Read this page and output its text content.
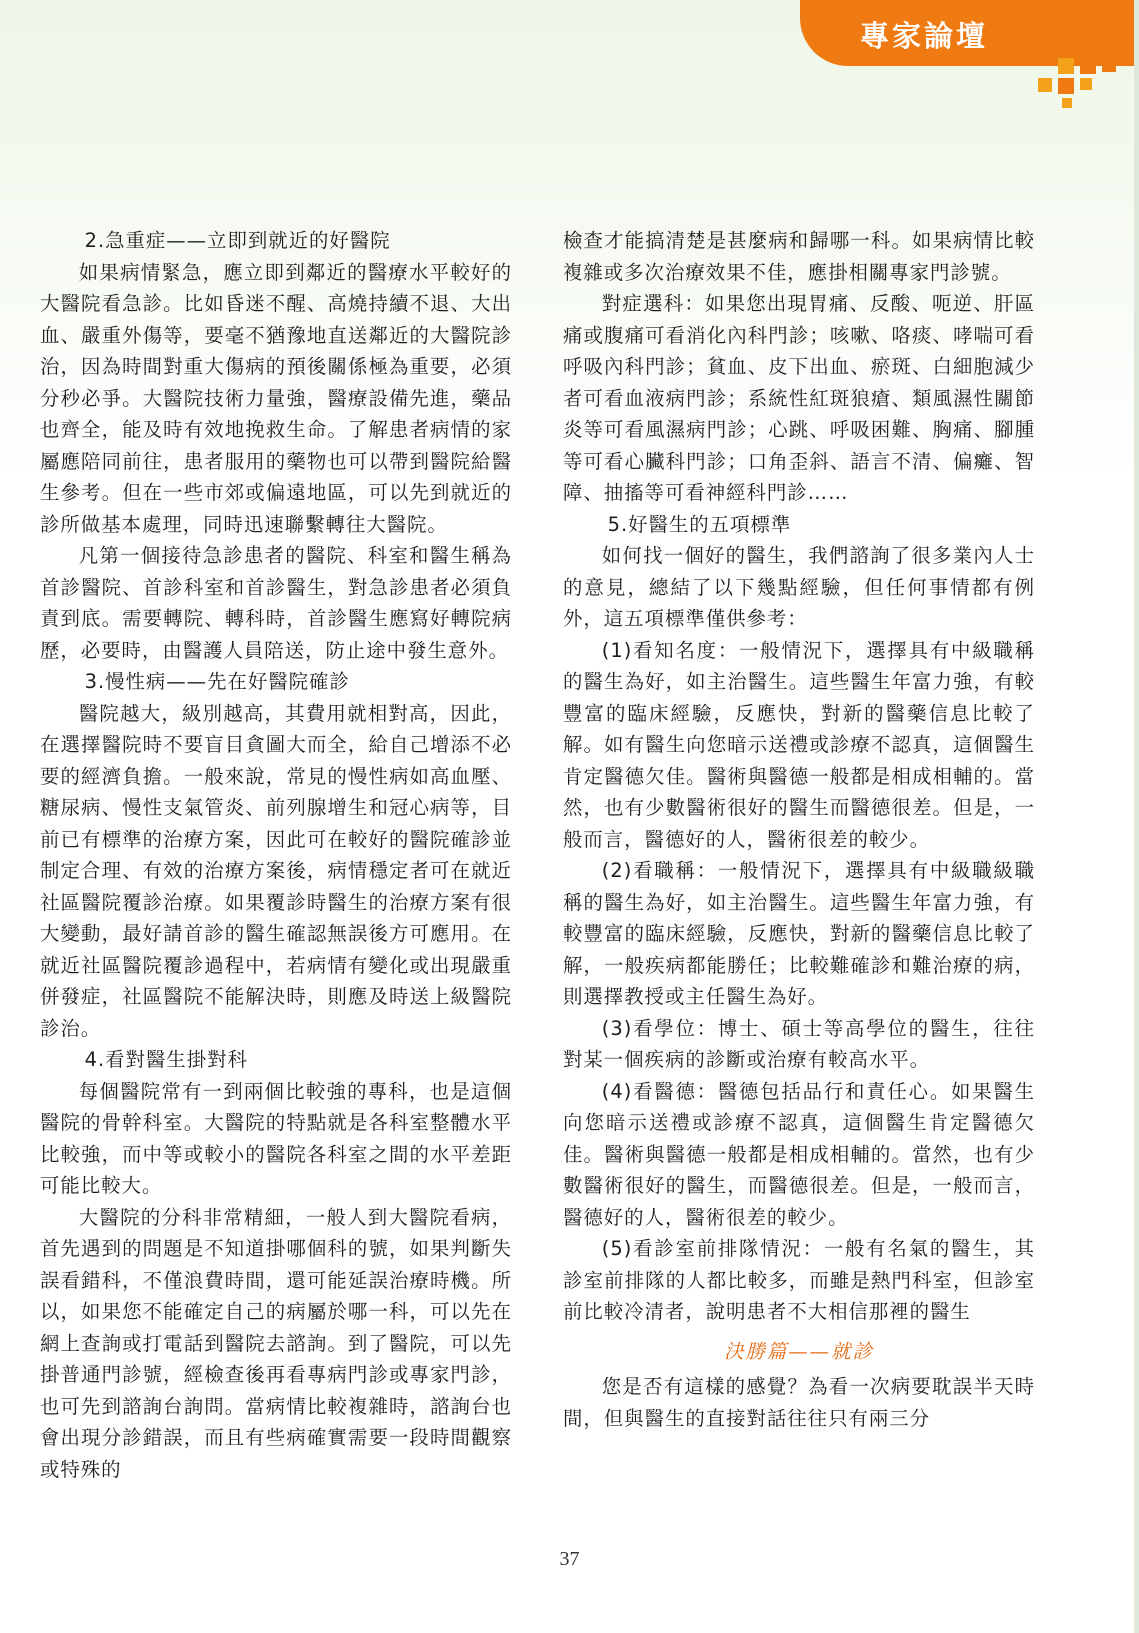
專家論壇

2.急重症——立即到就近的好醫院

如果病情緊急，應立即到鄰近的醫療水平較好的大醫院看急診。比如昏迷不醒、高燒持續不退、大出血、嚴重外傷等，要毫不猶豫地直送鄰近的大醫院診治，因為時間對重大傷病的預後關係極為重要，必須分秒必爭。大醫院技術力量強，醫療設備先進，藥品也齊全，能及時有效地挽救生命。了解患者病情的家屬應陪同前往，患者服用的藥物也可以帶到醫院給醫生參考。但在一些市郊或偏遠地區，可以先到就近的診所做基本處理，同時迅速聯繫轉往大醫院。

凡第一個接待急診患者的醫院、科室和醫生稱為首診醫院、首診科室和首診醫生，對急診患者必須負責到底。需要轉院、轉科時，首診醫生應寫好轉院病歷，必要時，由醫護人員陪送，防止途中發生意外。

3.慢性病——先在好醫院確診

醫院越大，級別越高，其費用就相對高，因此，在選擇醫院時不要盲目貪圖大而全，給自己增添不必要的經濟負擔。一般來說，常見的慢性病如高血壓、糖尿病、慢性支氣管炎、前列腺增生和冠心病等，目前已有標準的治療方案，因此可在較好的醫院確診並制定合理、有效的治療方案後，病情穩定者可在就近社區醫院覆診治療。如果覆診時醫生的治療方案有很大變動，最好請首診的醫生確認無誤後方可應用。在就近社區醫院覆診過程中，若病情有變化或出現嚴重併發症，社區醫院不能解決時，則應及時送上級醫院診治。

4.看對醫生掛對科

每個醫院常有一到兩個比較強的專科，也是這個醫院的骨幹科室。大醫院的特點就是各科室整體水平比較強，而中等或較小的醫院各科室之間的水平差距可能比較大。

大醫院的分科非常精細，一般人到大醫院看病，首先遇到的問題是不知道掛哪個科的號，如果判斷失誤看錯科，不僅浪費時間，還可能延誤治療時機。所以，如果您不能確定自己的病屬於哪一科，可以先在網上查詢或打電話到醫院去諮詢。到了醫院，可以先掛普通門診號，經檢查後再看專病門診或專家門診，也可先到諮詢台詢問。當病情比較複雜時，諮詢台也會出現分診錯誤，而且有些病確實需要一段時間觀察或特殊的

檢查才能搞清楚是甚麼病和歸哪一科。如果病情比較複雜或多次治療效果不佳，應掛相關專家門診號。

對症選科：如果您出現胃痛、反酸、呃逆、肝區痛或腹痛可看消化內科門診；咳嗽、咯痰、哮喘可看呼吸內科門診；貧血、皮下出血、瘀斑、白細胞減少者可看血液病門診；系統性紅斑狼瘡、類風濕性關節炎等可看風濕病門診；心跳、呼吸困難、胸痛、腳腫等可看心臟科門診；口角歪斜、語言不清、偏癱、智障、抽搐等可看神經科門診……

5.好醫生的五項標準

如何找一個好的醫生，我們諮詢了很多業內人士的意見，總結了以下幾點經驗，但任何事情都有例外，這五項標準僅供參考：

(1)看知名度：一般情況下，選擇具有中級職稱的醫生為好，如主治醫生。這些醫生年富力強，有較豐富的臨床經驗，反應快，對新的醫藥信息比較了解。如有醫生向您暗示送禮或診療不認真，這個醫生肯定醫德欠佳。醫術與醫德一般都是相成相輔的。當然，也有少數醫術很好的醫生而醫德很差。但是，一般而言，醫德好的人，醫術很差的較少。

(2)看職稱：一般情況下，選擇具有中級職級職稱的醫生為好，如主治醫生。這些醫生年富力強，有較豐富的臨床經驗，反應快，對新的醫藥信息比較了解，一般疾病都能勝任；比較難確診和難治療的病，則選擇教授或主任醫生為好。

(3)看學位：博士、碩士等高學位的醫生，往往對某一個疾病的診斷或治療有較高水平。

(4)看醫德：醫德包括品行和責任心。如果醫生向您暗示送禮或診療不認真，這個醫生肯定醫德欠佳。醫術與醫德一般都是相成相輔的。當然，也有少數醫術很好的醫生，而醫德很差。但是，一般而言，醫德好的人，醫術很差的較少。

(5)看診室前排隊情況：一般有名氣的醫生，其診室前排隊的人都比較多，而雖是熱門科室，但診室前比較冷清者，說明患者不大相信那裡的醫生

決勝篇——就診

您是否有這樣的感覺？為看一次病要耽誤半天時間，但與醫生的直接對話往往只有兩三分

37
